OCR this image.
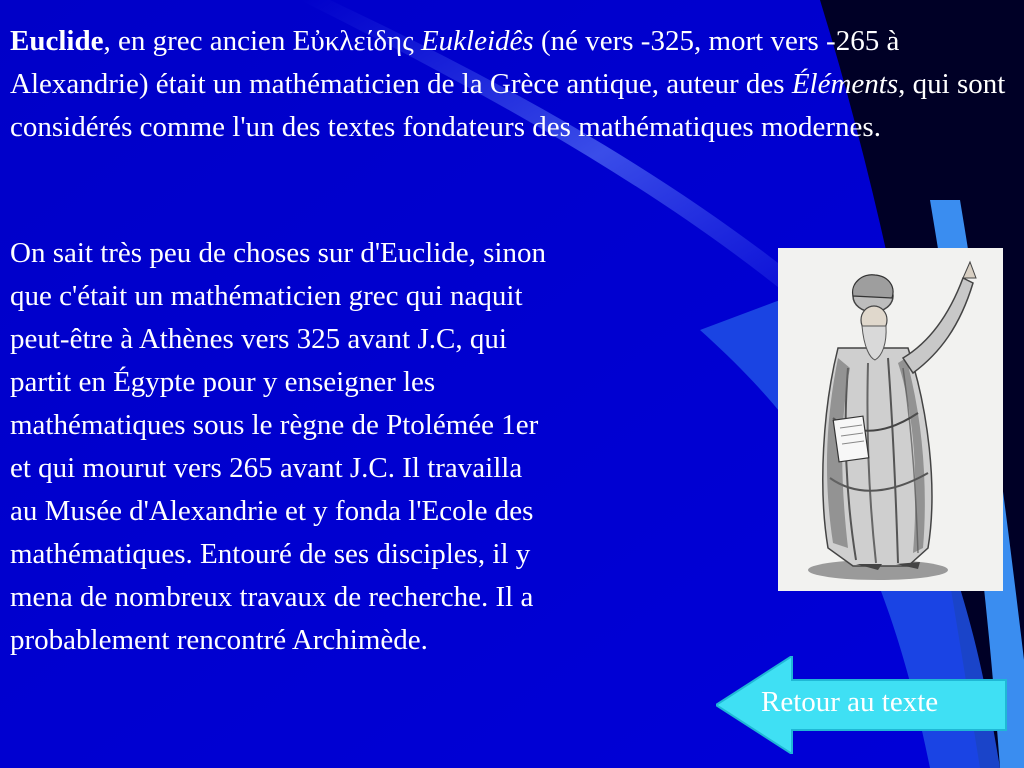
Euclide, en grec ancien Εὐκλείδης Eukleidês (né vers -325, mort vers -265 à Alexandrie) était un mathématicien de la Grèce antique, auteur des Éléments, qui sont considérés comme l'un des textes fondateurs des mathématiques modernes.

On sait très peu de choses sur d'Euclide, sinon
que c'était un mathématicien grec qui naquit
peut-être à Athènes vers 325 avant J.C, qui
partit en Égypte pour y enseigner les
mathématiques sous le règne de Ptolémée 1er
et qui mourut vers 265 avant J.C. Il travailla
au Musée d'Alexandrie et y fonda l'Ecole des
mathématiques. Entouré de ses disciples, il y
mena de nombreux travaux de recherche. Il a
probablement rencontré Archimède.

Retour au texte
